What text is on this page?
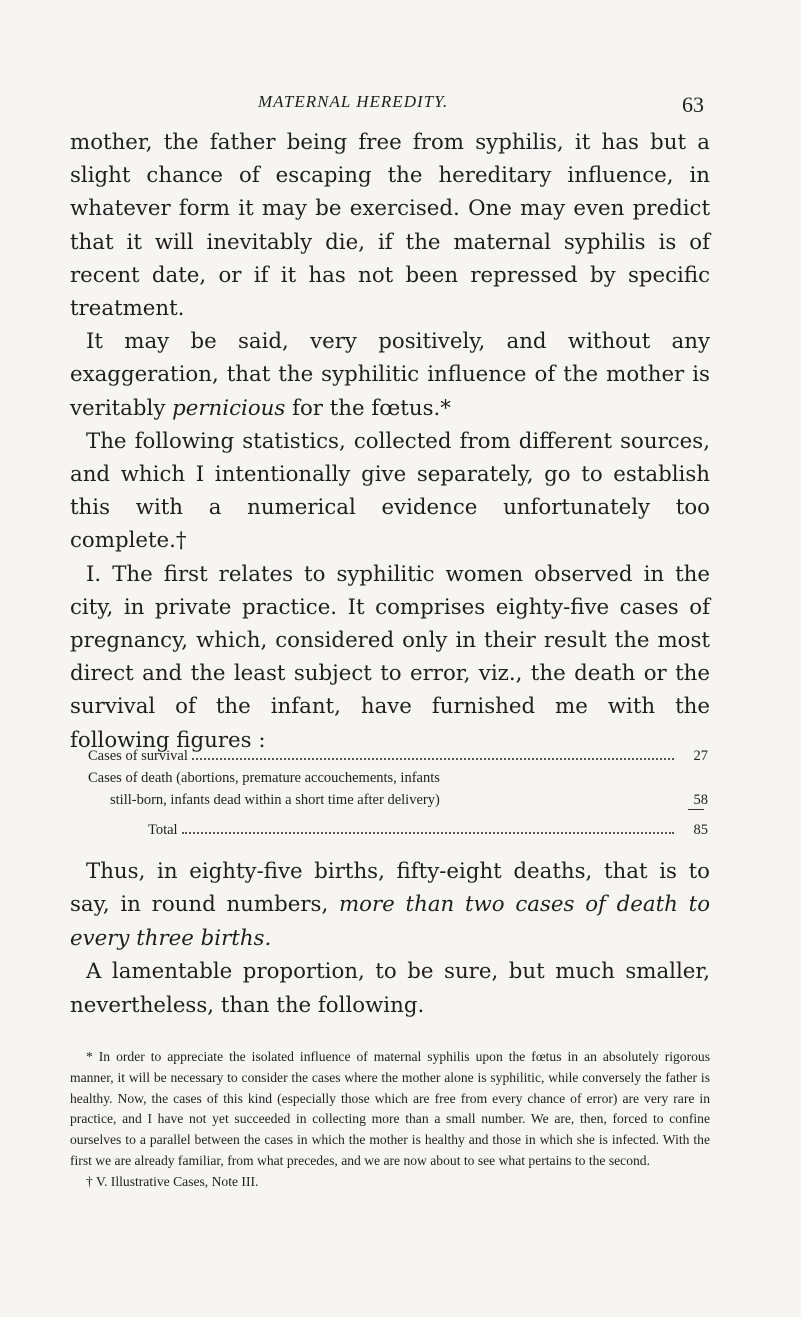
MATERNAL HEREDITY.	63

mother, the father being free from syphilis, it has but a slight chance of escaping the hereditary influence, in whatever form it may be exercised. One may even predict that it will inevitably die, if the maternal syphilis is of recent date, or if it has not been repressed by specific treatment.

It may be said, very positively, and without any exaggeration, that the syphilitic influence of the mother is veritably pernicious for the fœtus.*

The following statistics, collected from different sources, and which I intentionally give separately, go to establish this with a numerical evidence unfortunately too complete.†

I. The first relates to syphilitic women observed in the city, in private practice. It comprises eighty-five cases of pregnancy, which, considered only in their result the most direct and the least subject to error, viz., the death or the survival of the infant, have furnished me with the following figures :

Cases of survival	27
Cases of death (abortions, premature accouchements, infants
still-born, infants dead within a short time after delivery)	58
Total	85

Thus, in eighty-five births, fifty-eight deaths, that is to say, in round numbers, more than two cases of death to every three births.

A lamentable proportion, to be sure, but much smaller, nevertheless, than the following.

* In order to appreciate the isolated influence of maternal syphilis upon the fœtus in an absolutely rigorous manner, it will be necessary to consider the cases where the mother alone is syphilitic, while conversely the father is healthy. Now, the cases of this kind (especially those which are free from every chance of error) are very rare in practice, and I have not yet succeeded in collecting more than a small number. We are, then, forced to confine ourselves to a parallel between the cases in which the mother is healthy and those in which she is infected. With the first we are already familiar, from what precedes, and we are now about to see what pertains to the second.

† V. Illustrative Cases, Note III.
